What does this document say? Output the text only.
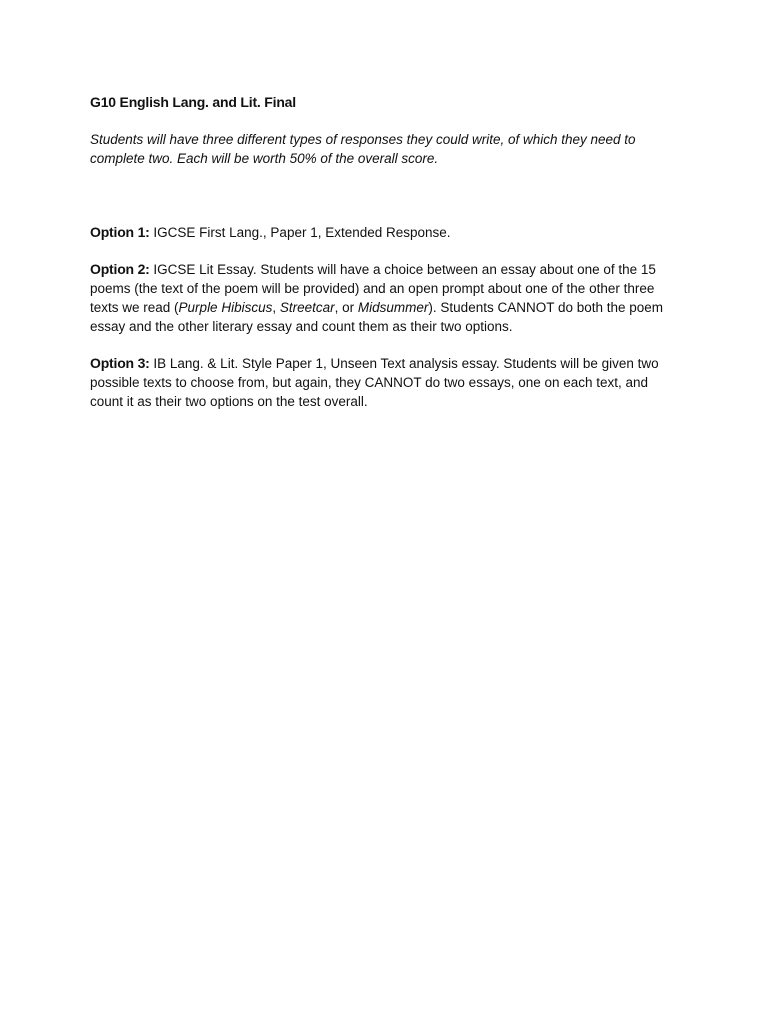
G10 English Lang. and Lit. Final

Students will have three different types of responses they could write, of which they need to complete two. Each will be worth 50% of the overall score.

Option 1: IGCSE First Lang., Paper 1, Extended Response.

Option 2: IGCSE Lit Essay. Students will have a choice between an essay about one of the 15 poems (the text of the poem will be provided) and an open prompt about one of the other three texts we read (Purple Hibiscus, Streetcar, or Midsummer). Students CANNOT do both the poem essay and the other literary essay and count them as their two options.

Option 3: IB Lang. & Lit. Style Paper 1, Unseen Text analysis essay. Students will be given two possible texts to choose from, but again, they CANNOT do two essays, one on each text, and count it as their two options on the test overall.
